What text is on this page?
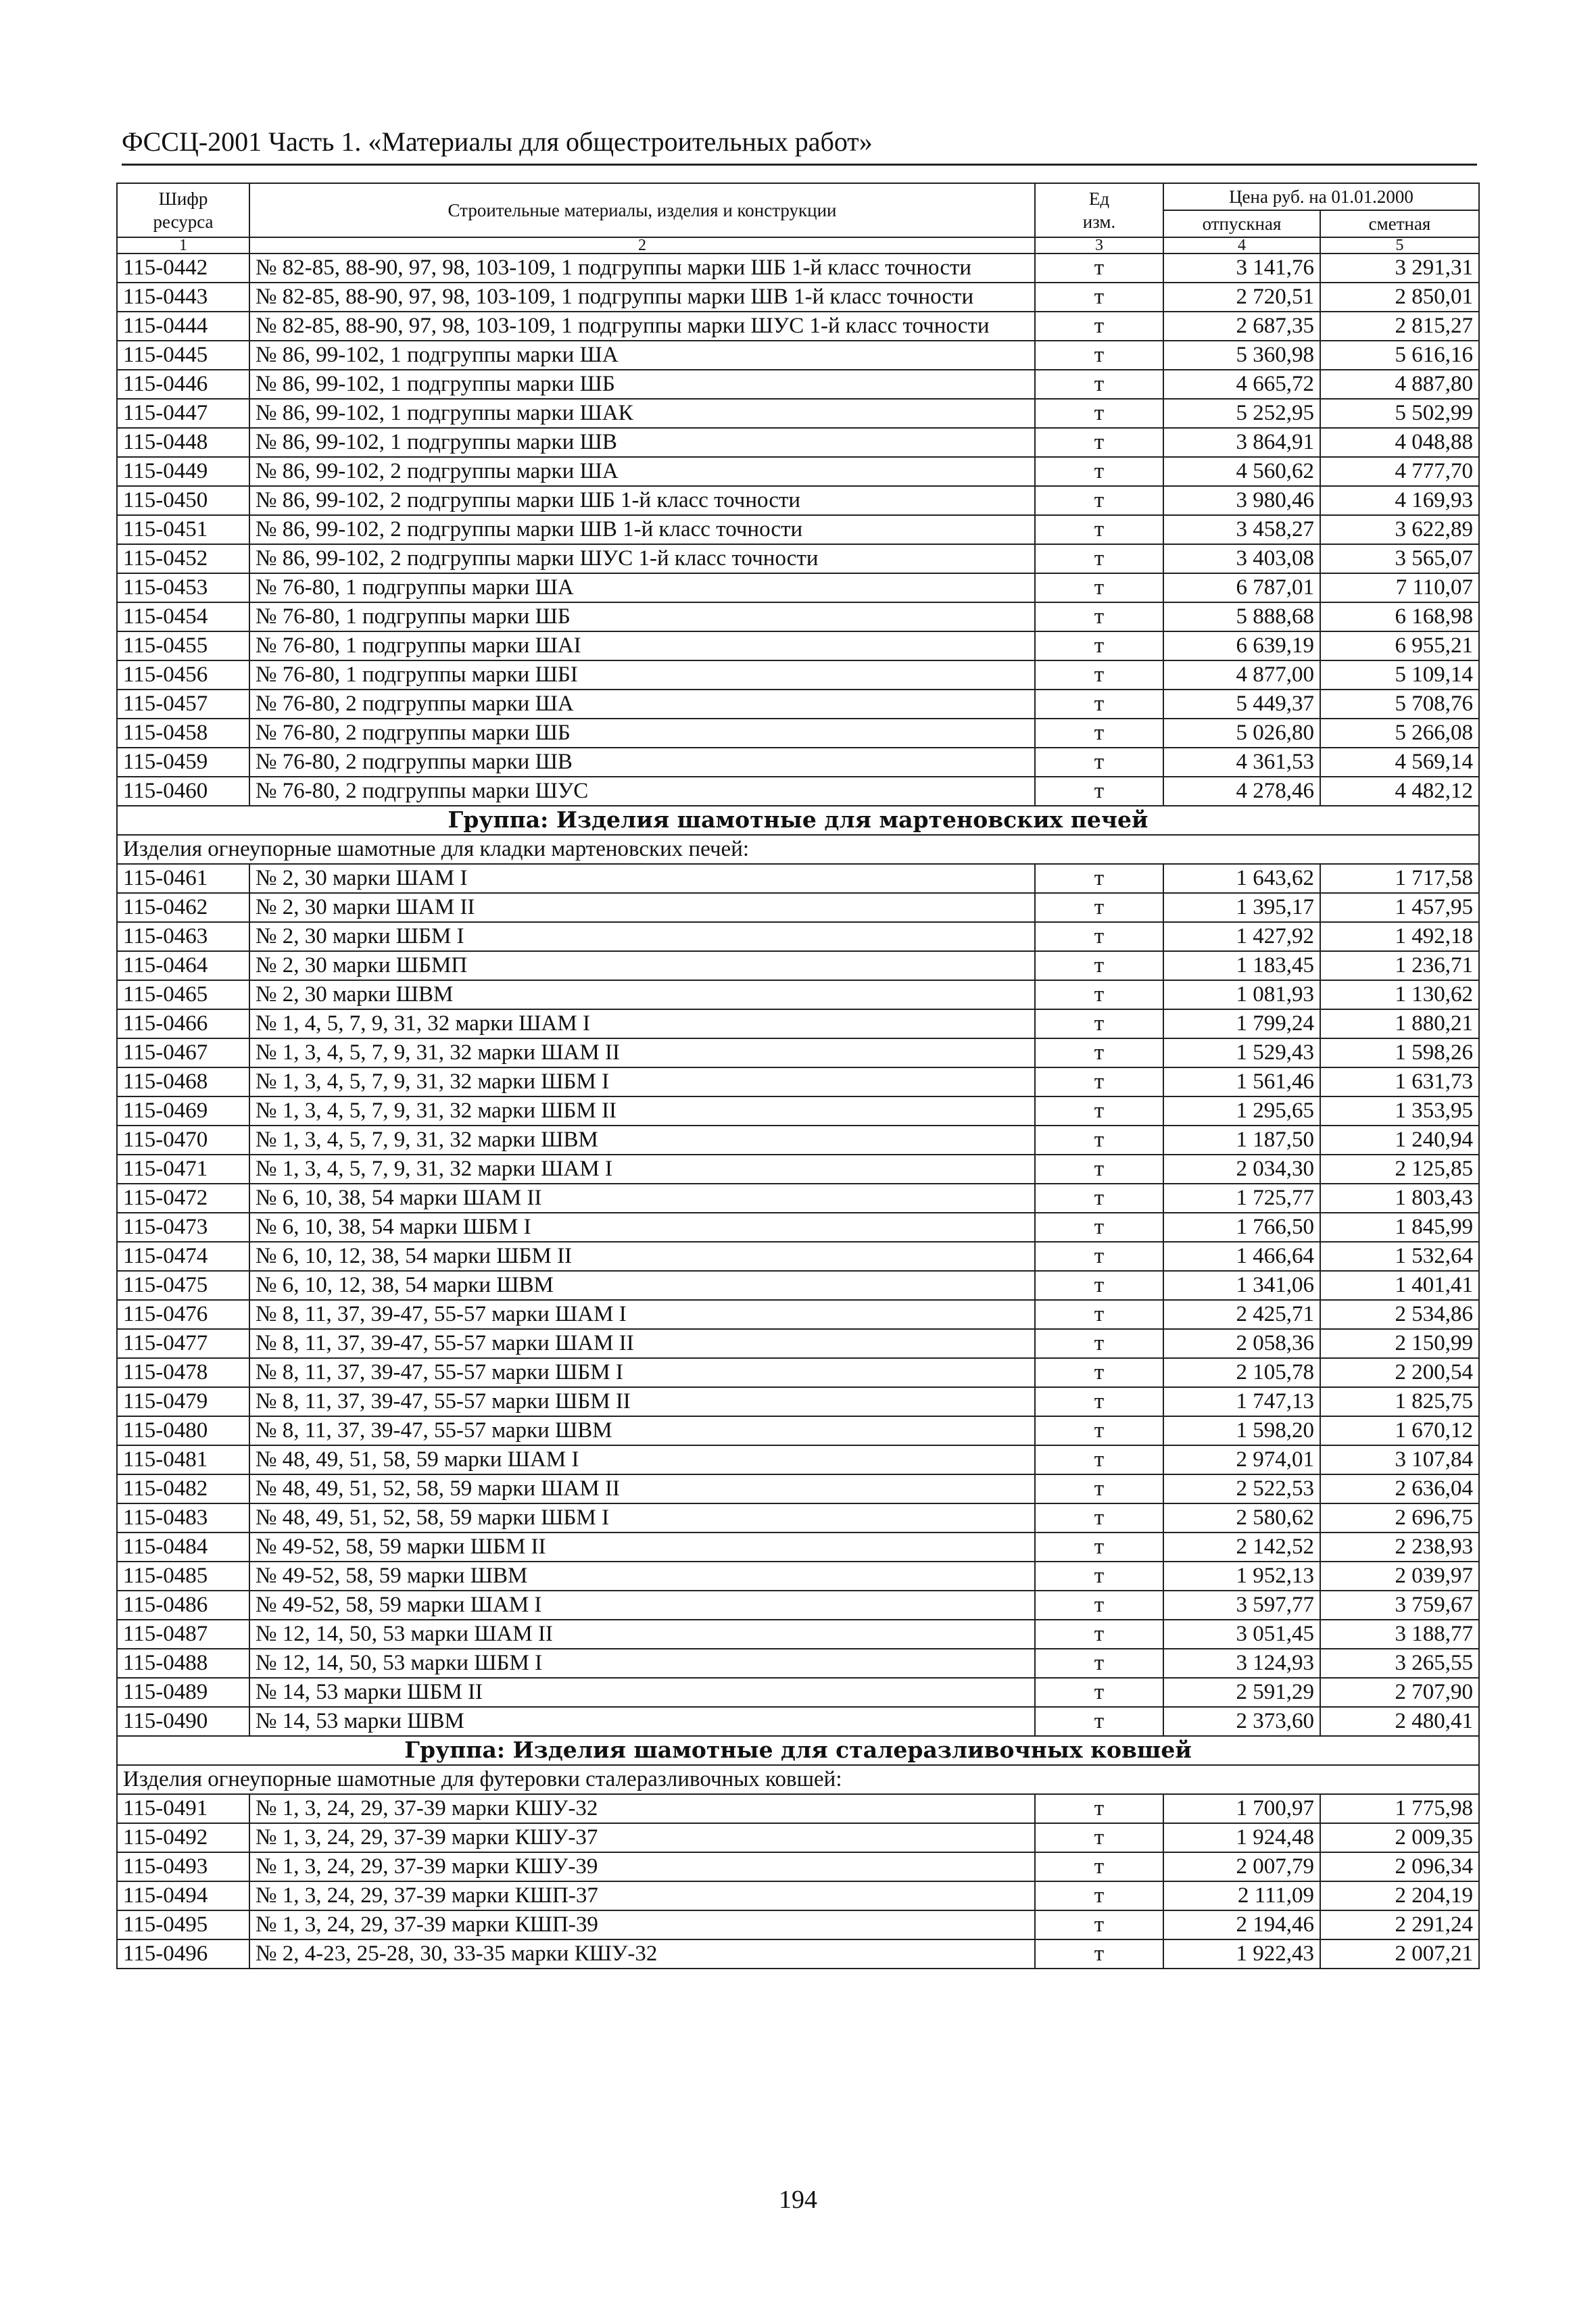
ФССЦ-2001 Часть 1. «Материалы для общестроительных работ»
Шифр ресурса	Строительные материалы, изделия и конструкции	Ед изм.	Цена руб. на 01.01.2000	
			отпускная	сметная
1	2	3	4	5
115-0442	№ 82-85, 88-90, 97, 98, 103-109, 1 подгруппы марки ШБ 1-й класс точности	т	3 141,76	3 291,31
115-0443	№ 82-85, 88-90, 97, 98, 103-109, 1 подгруппы марки ШВ 1-й класс точности	т	2 720,51	2 850,01
115-0444	№ 82-85, 88-90, 97, 98, 103-109, 1 подгруппы марки ШУС 1-й класс точности	т	2 687,35	2 815,27
115-0445	№ 86, 99-102, 1 подгруппы марки ША	т	5 360,98	5 616,16
115-0446	№ 86, 99-102, 1 подгруппы марки ШБ	т	4 665,72	4 887,80
115-0447	№ 86, 99-102, 1 подгруппы марки ШАК	т	5 252,95	5 502,99
115-0448	№ 86, 99-102, 1 подгруппы марки ШВ	т	3 864,91	4 048,88
115-0449	№ 86, 99-102, 2 подгруппы марки ША	т	4 560,62	4 777,70
115-0450	№ 86, 99-102, 2 подгруппы марки ШБ 1-й класс точности	т	3 980,46	4 169,93
115-0451	№ 86, 99-102, 2 подгруппы марки ШВ 1-й класс точности	т	3 458,27	3 622,89
115-0452	№ 86, 99-102, 2 подгруппы марки ШУС 1-й класс точности	т	3 403,08	3 565,07
115-0453	№ 76-80, 1 подгруппы марки ША	т	6 787,01	7 110,07
115-0454	№ 76-80, 1 подгруппы марки ШБ	т	5 888,68	6 168,98
115-0455	№ 76-80, 1 подгруппы марки ШАI	т	6 639,19	6 955,21
115-0456	№ 76-80, 1 подгруппы марки ШБI	т	4 877,00	5 109,14
115-0457	№ 76-80, 2 подгруппы марки ША	т	5 449,37	5 708,76
115-0458	№ 76-80, 2 подгруппы марки ШБ	т	5 026,80	5 266,08
115-0459	№ 76-80, 2 подгруппы марки ШВ	т	4 361,53	4 569,14
115-0460	№ 76-80, 2 подгруппы марки ШУС	т	4 278,46	4 482,12
Группа: Изделия шамотные для мартеновских печей				
Изделия огнеупорные шамотные для кладки мартеновских печей:				
115-0461	№ 2, 30 марки ШАМ I	т	1 643,62	1 717,58
115-0462	№ 2, 30 марки ШАМ II	т	1 395,17	1 457,95
115-0463	№ 2, 30 марки ШБМ I	т	1 427,92	1 492,18
115-0464	№ 2, 30 марки ШБМП	т	1 183,45	1 236,71
115-0465	№ 2, 30 марки ШВМ	т	1 081,93	1 130,62
115-0466	№ 1, 4, 5, 7, 9, 31, 32 марки ШАМ I	т	1 799,24	1 880,21
115-0467	№ 1, 3, 4, 5, 7, 9, 31, 32 марки ШАМ II	т	1 529,43	1 598,26
115-0468	№ 1, 3, 4, 5, 7, 9, 31, 32 марки ШБМ I	т	1 561,46	1 631,73
115-0469	№ 1, 3, 4, 5, 7, 9, 31, 32 марки ШБМ II	т	1 295,65	1 353,95
115-0470	№ 1, 3, 4, 5, 7, 9, 31, 32 марки ШВМ	т	1 187,50	1 240,94
115-0471	№ 1, 3, 4, 5, 7, 9, 31, 32 марки ШАМ I	т	2 034,30	2 125,85
115-0472	№ 6, 10, 38, 54 марки ШАМ II	т	1 725,77	1 803,43
115-0473	№ 6, 10, 38, 54 марки ШБМ I	т	1 766,50	1 845,99
115-0474	№ 6, 10, 12, 38, 54 марки ШБМ II	т	1 466,64	1 532,64
115-0475	№ 6, 10, 12, 38, 54 марки ШВМ	т	1 341,06	1 401,41
115-0476	№ 8, 11, 37, 39-47, 55-57 марки ШАМ I	т	2 425,71	2 534,86
115-0477	№ 8, 11, 37, 39-47, 55-57 марки ШАМ II	т	2 058,36	2 150,99
115-0478	№ 8, 11, 37, 39-47, 55-57 марки ШБМ I	т	2 105,78	2 200,54
115-0479	№ 8, 11, 37, 39-47, 55-57 марки ШБМ II	т	1 747,13	1 825,75
115-0480	№ 8, 11, 37, 39-47, 55-57 марки ШВМ	т	1 598,20	1 670,12
115-0481	№ 48, 49, 51, 58, 59 марки ШАМ I	т	2 974,01	3 107,84
115-0482	№ 48, 49, 51, 52, 58, 59 марки ШАМ II	т	2 522,53	2 636,04
115-0483	№ 48, 49, 51, 52, 58, 59 марки ШБМ I	т	2 580,62	2 696,75
115-0484	№ 49-52, 58, 59 марки ШБМ II	т	2 142,52	2 238,93
115-0485	№ 49-52, 58, 59 марки ШВМ	т	1 952,13	2 039,97
115-0486	№ 49-52, 58, 59 марки ШАМ I	т	3 597,77	3 759,67
115-0487	№ 12, 14, 50, 53 марки ШАМ II	т	3 051,45	3 188,77
115-0488	№ 12, 14, 50, 53 марки ШБМ I	т	3 124,93	3 265,55
115-0489	№ 14, 53 марки ШБМ II	т	2 591,29	2 707,90
115-0490	№ 14, 53 марки ШВМ	т	2 373,60	2 480,41
Группа: Изделия шамотные для сталеразливочных ковшей				
Изделия огнеупорные шамотные для футеровки сталеразливочных ковшей:				
115-0491	№ 1, 3, 24, 29, 37-39 марки КШУ-32	т	1 700,97	1 775,98
115-0492	№ 1, 3, 24, 29, 37-39 марки КШУ-37	т	1 924,48	2 009,35
115-0493	№ 1, 3, 24, 29, 37-39 марки КШУ-39	т	2 007,79	2 096,34
115-0494	№ 1, 3, 24, 29, 37-39 марки КШП-37	т	2 111,09	2 204,19
115-0495	№ 1, 3, 24, 29, 37-39 марки КШП-39	т	2 194,46	2 291,24
115-0496	№ 2, 4-23, 25-28, 30, 33-35 марки КШУ-32	т	1 922,43	2 007,21
194
